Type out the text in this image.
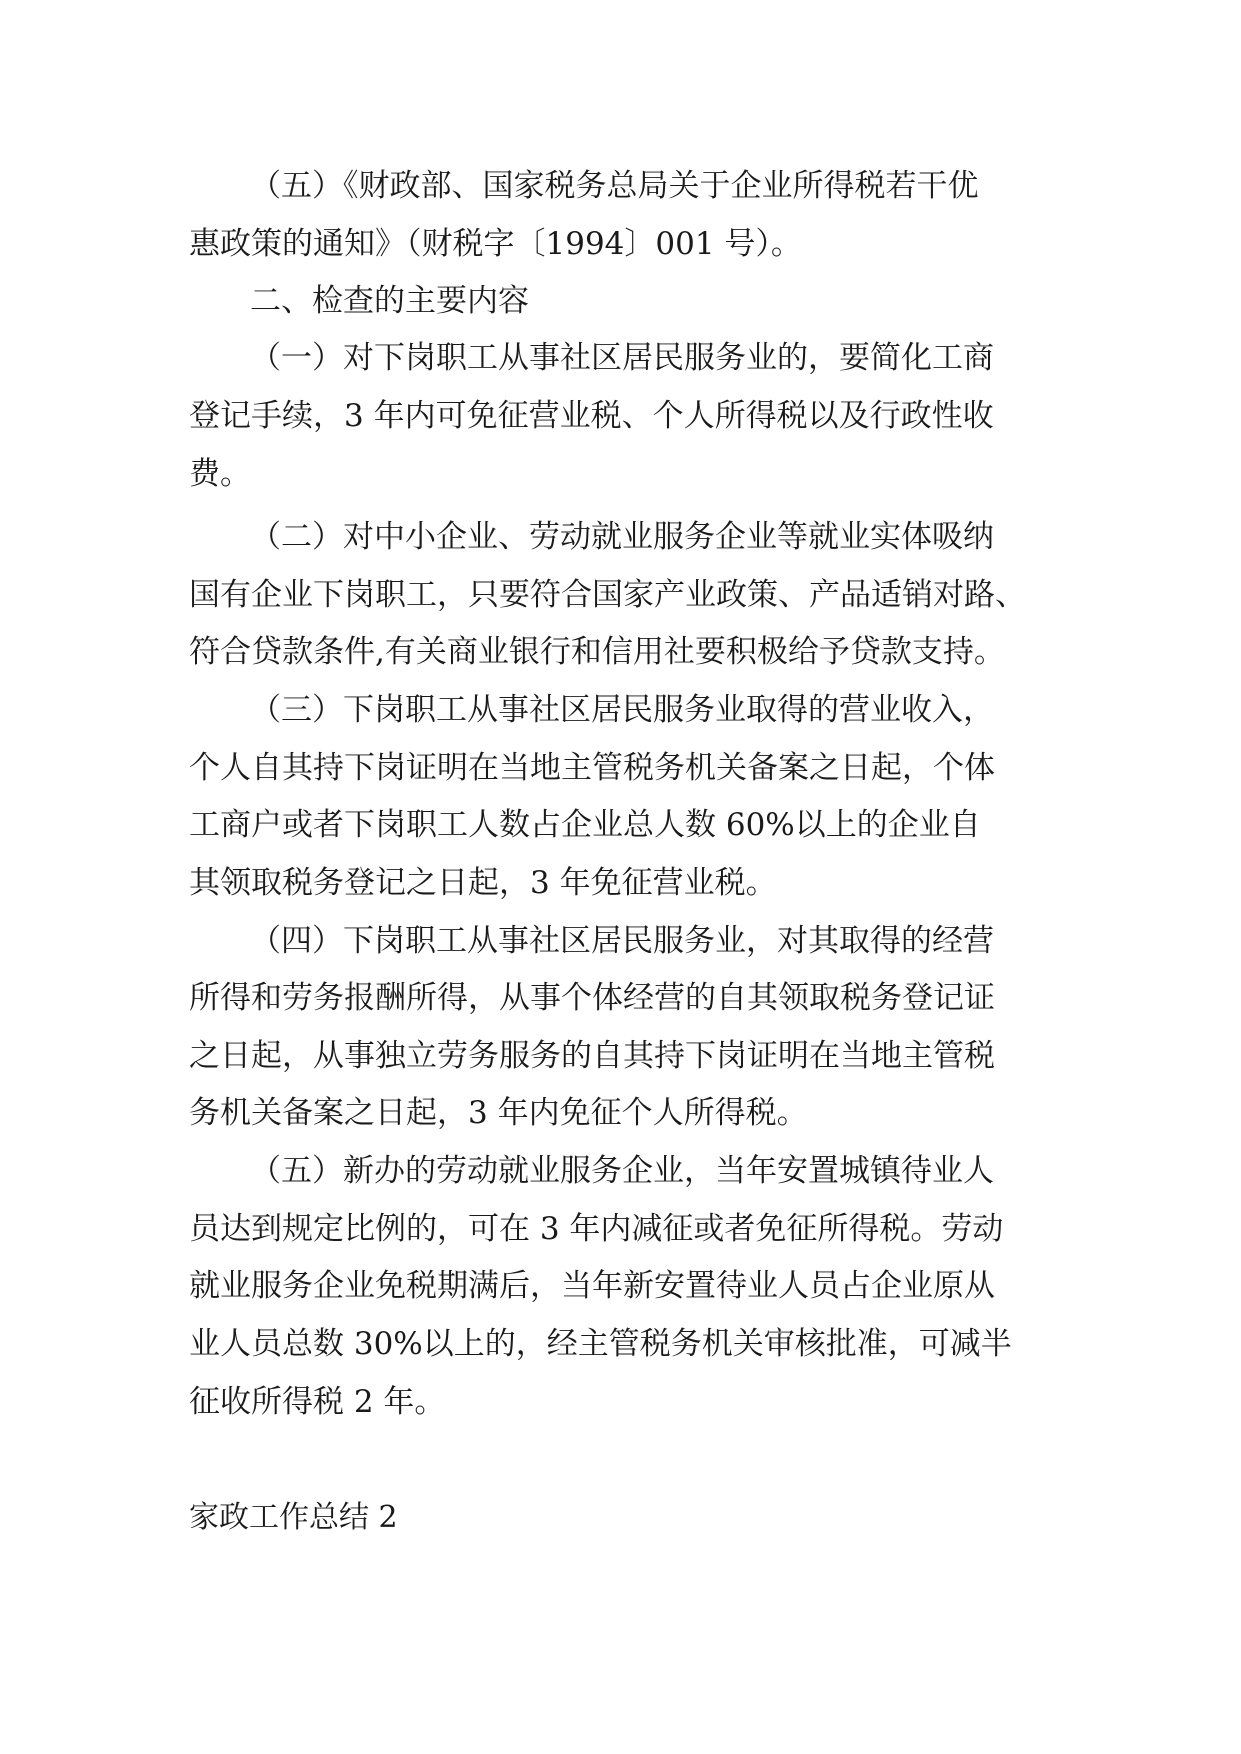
（五）《财政部、国家税务总局关于企业所得税若干优
惠政策的通知》（财税字〔1994〕001 号）。
二、检查的主要内容
（一）对下岗职工从事社区居民服务业的，要简化工商
登记手续，3 年内可免征营业税、个人所得税以及行政性收
费。
（二）对中小企业、劳动就业服务企业等就业实体吸纳
国有企业下岗职工，只要符合国家产业政策、产品适销对路、
符合贷款条件,有关商业银行和信用社要积极给予贷款支持。
（三）下岗职工从事社区居民服务业取得的营业收入，
个人自其持下岗证明在当地主管税务机关备案之日起，个体
工商户或者下岗职工人数占企业总人数 60%以上的企业自
其领取税务登记之日起，3 年免征营业税。
（四）下岗职工从事社区居民服务业，对其取得的经营
所得和劳务报酬所得，从事个体经营的自其领取税务登记证
之日起，从事独立劳务服务的自其持下岗证明在当地主管税
务机关备案之日起，3 年内免征个人所得税。
（五）新办的劳动就业服务企业，当年安置城镇待业人
员达到规定比例的，可在 3 年内减征或者免征所得税。劳动
就业服务企业免税期满后，当年新安置待业人员占企业原从
业人员总数 30%以上的，经主管税务机关审核批准，可减半
征收所得税 2 年。
家政工作总结 2
